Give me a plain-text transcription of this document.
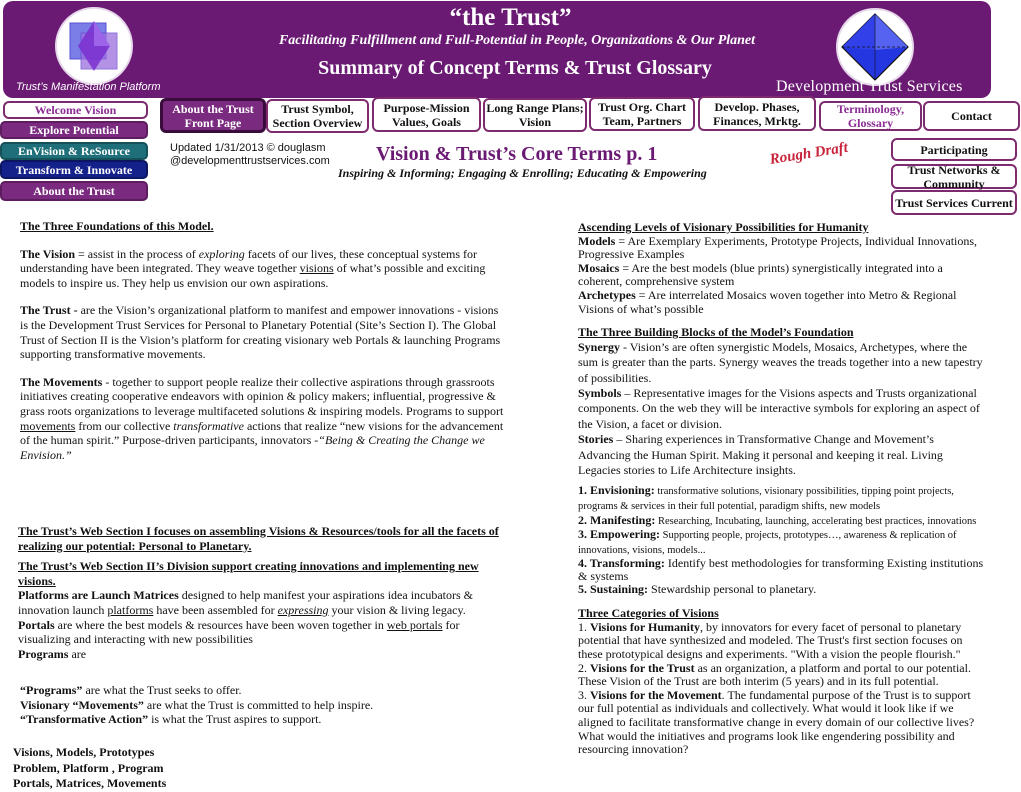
“the Trust”
Facilitating Fulfillment and Full-Potential in People, Organizations & Our Planet
Summary of Concept Terms & Trust Glossary
Trust’s Manifestation Platform	Development Trust Services
Welcome Vision
Explore Potential
EnVision & ReSource
Transform & Innovate
About the Trust
About the Trust Front Page
Trust Symbol, Section Overview
Purpose-Mission Values, Goals
Long Range Plans; Vision
Trust Org. Chart Team, Partners
Develop. Phases, Finances, Mrktg.
Terminology, Glossary	Contact
Participating
Trust Networks & Community
Trust Services Current
Updated 1/31/2013 © douglasm
@developmenttrustservices.com Vision & Trust’s Core Terms p. 1
Inspiring & Informing; Engaging & Enrolling; Educating & Empowering
Rough Draft

The Three Foundations of this Model.

The Vision = assist in the process of exploring facets of our lives, these conceptual systems for understanding have been integrated. They weave together visions of what’s possible and exciting models to inspire us. They help us envision our own aspirations.

The Trust - are the Vision’s organizational platform to manifest and empower innovations - visions is the Development Trust Services for Personal to Planetary Potential (Site’s Section I). The Global Trust of Section II is the Vision’s platform for creating visionary web Portals & launching Programs supporting transformative movements.

The Movements - together to support people realize their collective aspirations through grassroots initiatives creating cooperative endeavors with opinion & policy makers; influential, progressive & grass roots organizations to leverage multifaceted solutions & inspiring models. Programs to support movements from our collective transformative actions that realize “new visions for the advancement of the human spirit.” Purpose-driven participants, innovators -“Being & Creating the Change we Envision.”

The Trust’s Web Section I focuses on assembling Visions & Resources/tools for all the facets of realizing our potential: Personal to Planetary.

The Trust’s Web Section II’s Division support creating innovations and implementing new visions.

Platforms are Launch Matrices designed to help manifest your aspirations idea incubators & innovation launch platforms have been assembled for expressing your vision & living legacy.

Portals are where the best models & resources have been woven together in web portals for visualizing and interacting with new possibilities

Programs are

“Programs” are what the Trust seeks to offer.

Visionary “Movements” are what the Trust is committed to help inspire.

“Transformative Action” is what the Trust aspires to support.

Visions, Models, Prototypes

Problem, Platform , Program

Portals, Matrices, Movements

Ascending Levels of Visionary Possibilities for Humanity

Models = Are Exemplary Experiments, Prototype Projects, Individual Innovations, Progressive Examples

Mosaics = Are the best models (blue prints) synergistically integrated into a coherent, comprehensive system

Archetypes = Are interrelated Mosaics woven together into Metro & Regional Visions of what’s possible

The Three Building Blocks of the Model’s Foundation

Synergy - Vision’s are often synergistic Models, Mosaics, Archetypes, where the sum is greater than the parts. Synergy weaves the treads together into a new tapestry of possibilities.

Symbols – Representative images for the Visions aspects and Trusts organizational components. On the web they will be interactive symbols for exploring an aspect of the Vision, a facet or division.

Stories – Sharing experiences in Transformative Change and Movement’s Advancing the Human Spirit. Making it personal and keeping it real. Living Legacies stories to Life Architecture insights.

1. Envisioning: transformative solutions, visionary possibilities, tipping point projects, programs & services in their full potential, paradigm shifts, new models

2. Manifesting: Researching, Incubating, launching, accelerating best practices, innovations

3. Empowering: Supporting people, projects, prototypes…, awareness & replication of innovations, visions, models...

4. Transforming: Identify best methodologies for transforming Existing institutions & systems

5. Sustaining: Stewardship personal to planetary.

Three Categories of Visions

1. Visions for Humanity, by innovators for every facet of personal to planetary potential that have synthesized and modeled. The Trust's first section focuses on these prototypical designs and experiments. "With a vision the people flourish."

2. Visions for the Trust as an organization, a platform and portal to our potential. These Vision of the Trust are both interim (5 years) and in its full potential.

3. Visions for the Movement. The fundamental purpose of the Trust is to support our full potential as individuals and collectively. What would it look like if we aligned to facilitate transformative change in every domain of our collective lives? What would the initiatives and programs look like engendering possibility and resourcing innovation?
